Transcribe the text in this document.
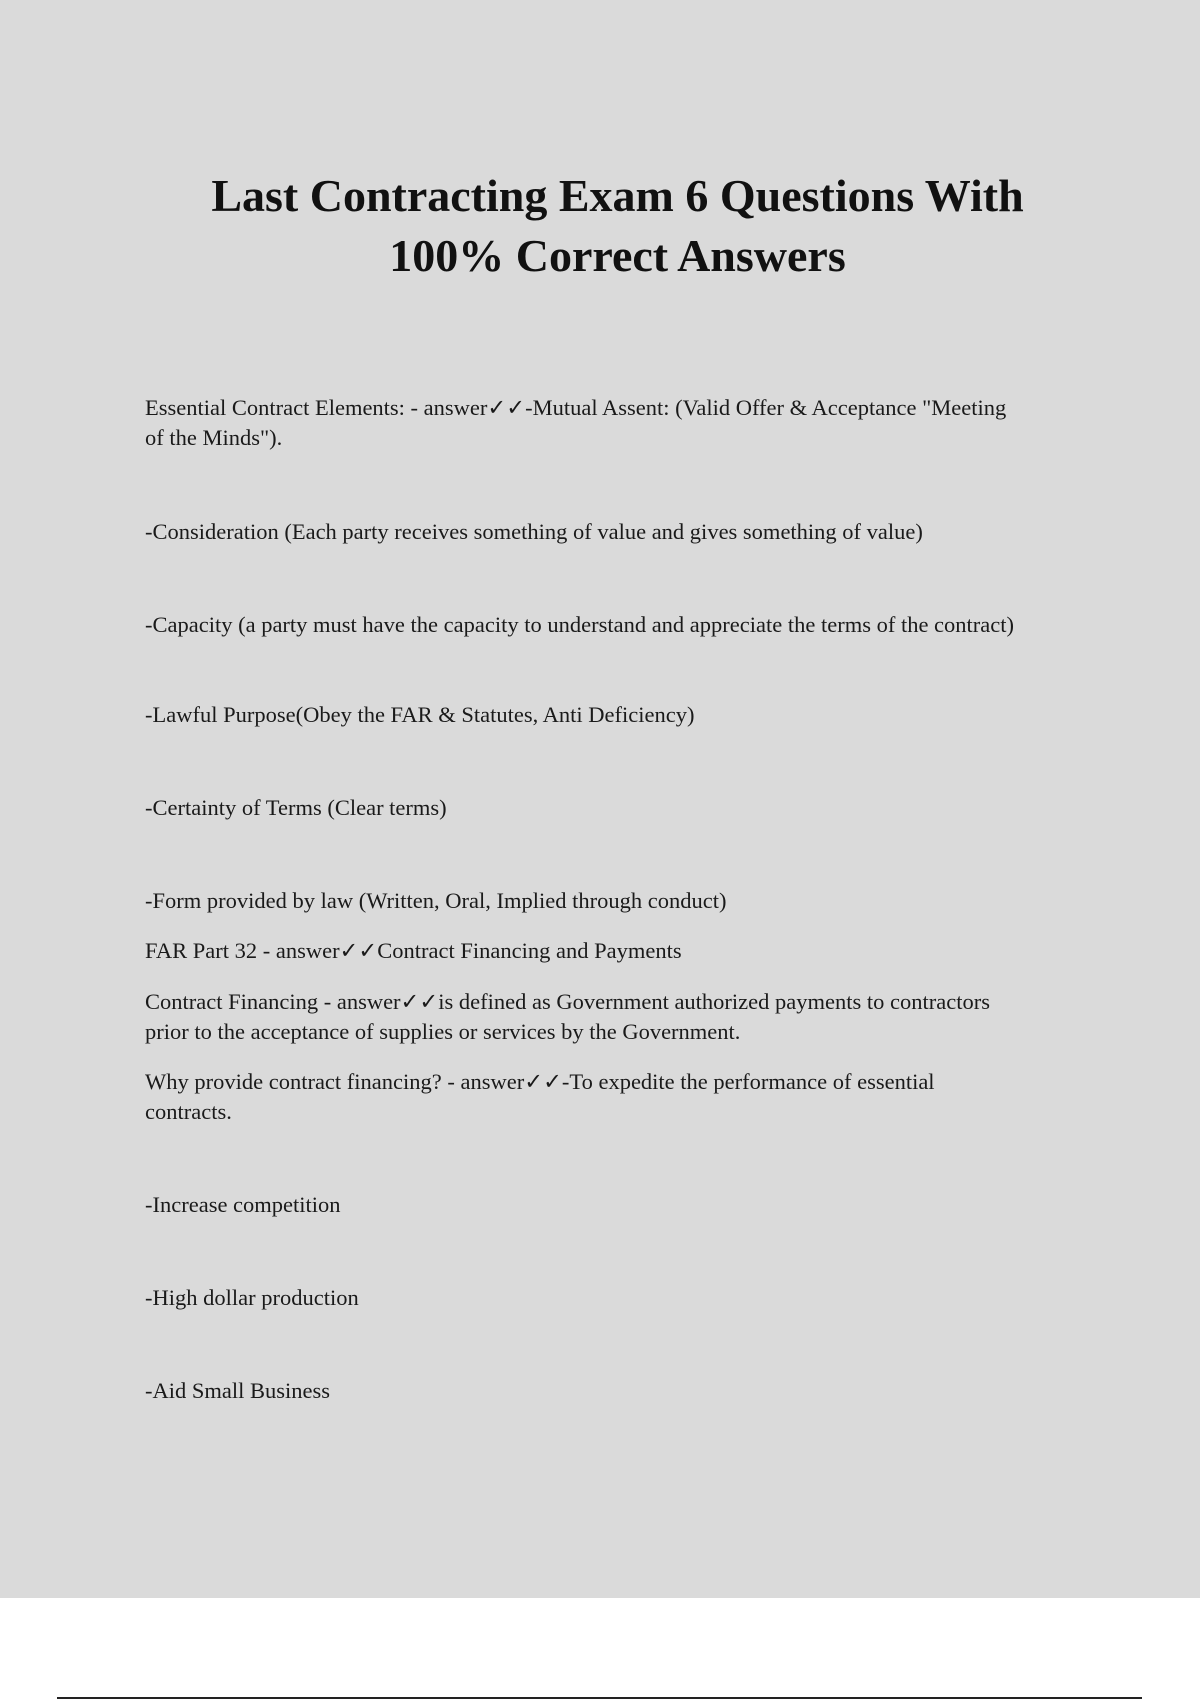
Last Contracting Exam 6 Questions With
100% Correct Answers

Essential Contract Elements: - answer✓✓-Mutual Assent: (Valid Offer & Acceptance "Meeting

of the Minds").

-Consideration (Each party receives something of value and gives something of value)

-Capacity (a party must have the capacity to understand and appreciate the terms of the contract)

-Lawful Purpose(Obey the FAR & Statutes, Anti Deficiency)

-Certainty of Terms (Clear terms)

-Form provided by law (Written, Oral, Implied through conduct)

FAR Part 32 - answer✓✓Contract Financing and Payments

Contract Financing - answer✓✓is defined as Government authorized payments to contractors

prior to the acceptance of supplies or services by the Government.

Why provide contract financing? - answer✓✓-To expedite the performance of essential

contracts.

-Increase competition

-High dollar production

-Aid Small Business
